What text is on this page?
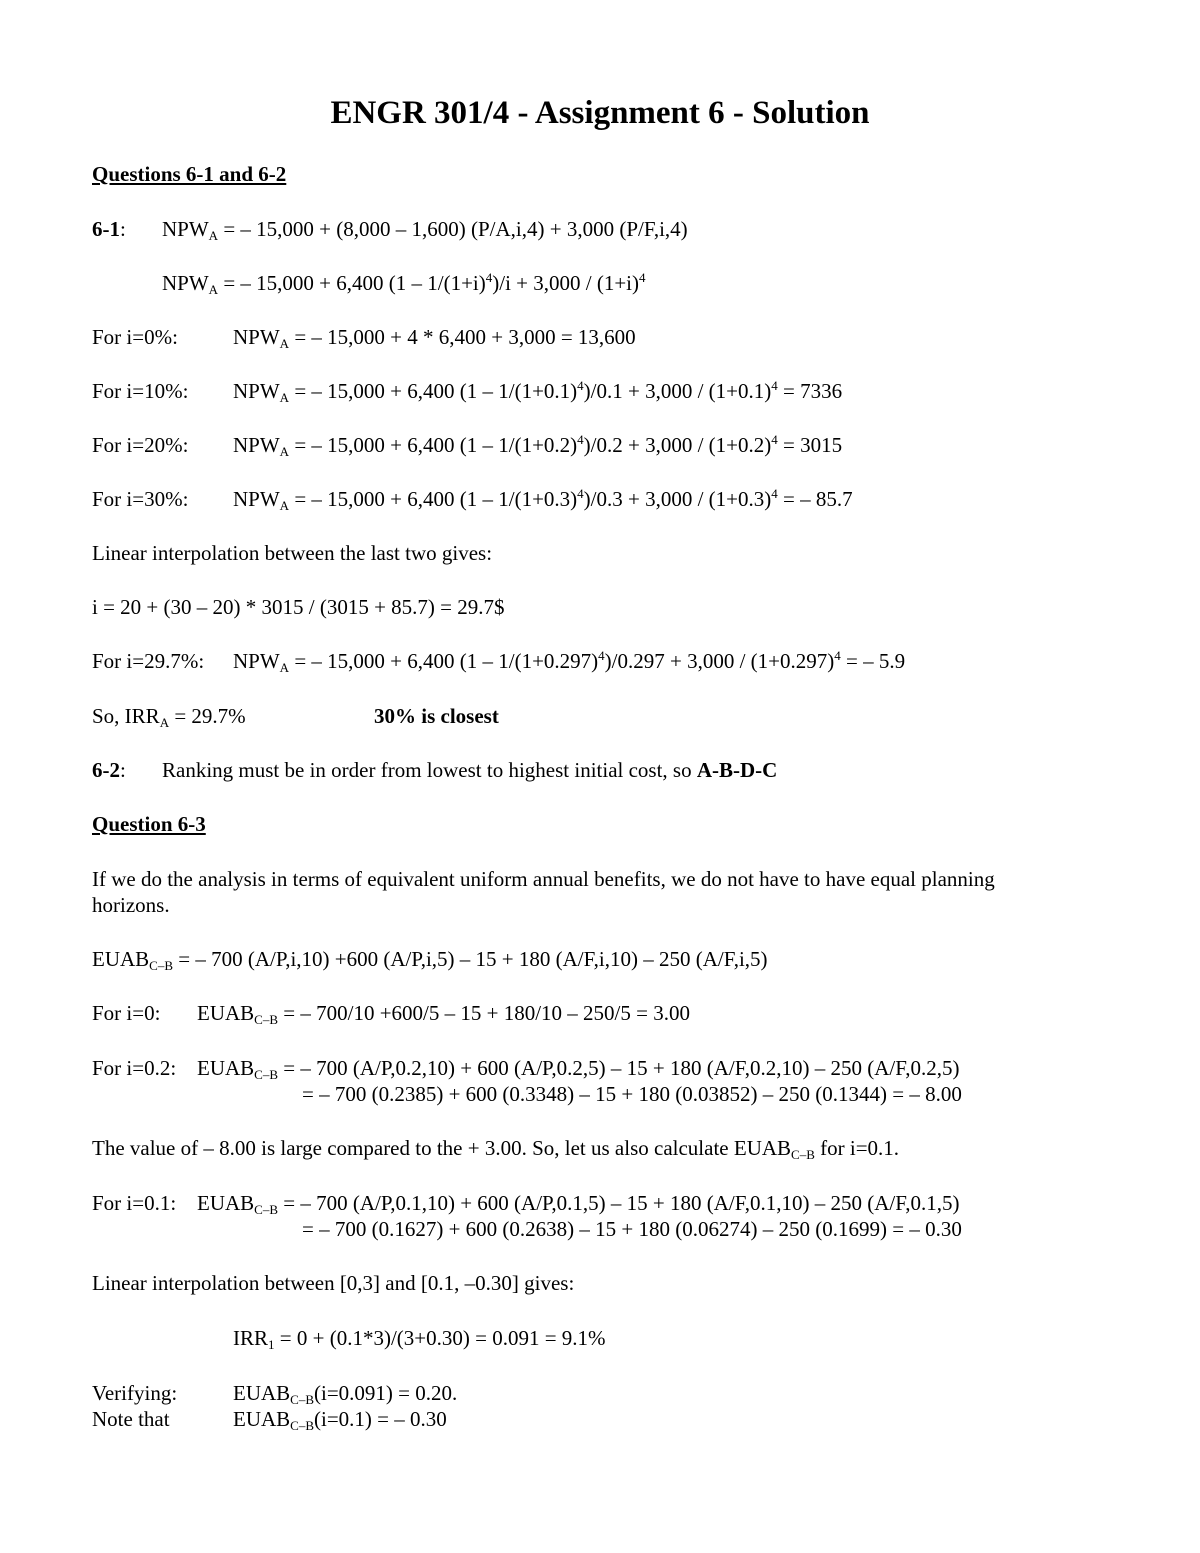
ENGR 301/4 - Assignment 6 - Solution
Questions 6-1 and 6-2
6-1: $NPW_A$ = – 15,000 + (8,000 – 1,600) (P/A,i,4) + 3,000 (P/F,i,4)
$NPW_A$ = – 15,000 + 6,400 $(1 - 1/(1+i)^4)/i + 3,000 / (1+i)^4$
For i=0%:	$NPW_A$ = – 15,000 + 4 * 6,400 + 3,000 = 13,600
For i=10%: $NPW_A$ = – 15,000 + 6,400 $(1 - 1/(1+0.1)^4)/0.1 + 3,000 / (1+0.1)^4 = 7336$
For i=20%: $NPW_A$ = – 15,000 + 6,400 $(1 - 1/(1+0.2)^4)/0.2 + 3,000 / (1+0.2)^4 = 3015$
For i=30%: $NPW_A$ = – 15,000 + 6,400 $(1 - 1/(1+0.3)^4)/0.3 + 3,000 / (1+0.3)^4$ = – 85.7
Linear interpolation between the last two gives:
i = 20 + (30 – 20) * 3015 / (3015 + 85.7) = 29.7$
For i=29.7%: $NPW_A$ = – 15,000 + 6,400 $(1 - 1/(1+0.297)^4)/0.297 + 3,000 / (1+0.297)^4$ = – 5.9
So, $IRR_A = 29.7\%$	30% is closest
6-2: Ranking must be in order from lowest to highest initial cost, so A-B-D-C
Question 6-3
If we do the analysis in terms of equivalent uniform annual benefits, we do not have to have equal planning
horizons.
$EUAB_{C-B}$ = – 700 (A/P,i,10) +600 (A/P,i,5) – 15 + 180 (A/F,i,10) – 250 (A/F,i,5)
For i=0: $EUAB_{C-B}$ = – 700/10 +600/5 – 15 + 180/10 – 250/5 = 3.00
For i=0.2: $EUAB_{C-B}$ = – 700 (A/P,0.2,10) + 600 (A/P,0.2,5) – 15 + 180 (A/F,0.2,10) – 250 (A/F,0.2,5)
= – 700 (0.2385) + 600 (0.3348) – 15 + 180 (0.03852) – 250 (0.1344) = – 8.00
The value of – 8.00 is large compared to the + 3.00. So, let us also calculate $EUAB_{C-B}$ for i=0.1.
For i=0.1: $EUAB_{C-B}$ = – 700 (A/P,0.1,10) + 600 (A/P,0.1,5) – 15 + 180 (A/F,0.1,10) – 250 (A/F,0.1,5)
= – 700 (0.1627) + 600 (0.2638) – 15 + 180 (0.06274) – 250 (0.1699) = – 0.30
Linear interpolation between [0,3] and [0.1, –0.30] gives:
$IRR_1 = 0 + (0.1*3)/(3+0.30) = 0.091 = 9.1\%$
Verifying:	$EUAB_{C-B}(i=0.091) = 0.20$.
Note that	$EUAB_{C-B}(i=0.1)$ = – 0.30
